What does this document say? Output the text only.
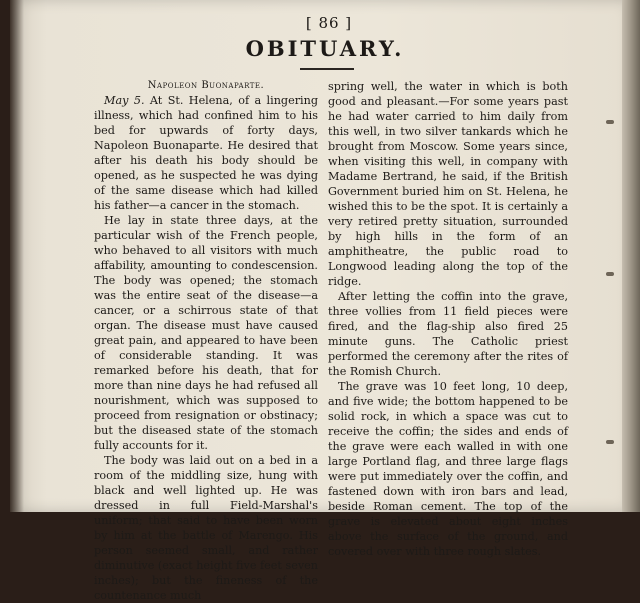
[ 86 ]
OBITUARY.
Napoleon Buonaparte.

May 5. At St. Helena, of a lingering illness, which had confined him to his bed for upwards of forty days, Napoleon Buonaparte. He desired that after his death his body should be opened, as he suspected he was dying of the same disease which had killed his father—a cancer in the stomach.

He lay in state three days, at the particular wish of the French people, who behaved to all visitors with much affability, amounting to condescension. The body was opened; the stomach was the entire seat of the disease—a cancer, or a schirrous state of that organ. The disease must have caused great pain, and appeared to have been of considerable standing. It was remarked before his death, that for more than nine days he had refused all nourishment, which was supposed to proceed from resignation or obstinacy; but the diseased state of the stomach fully accounts for it.

The body was laid out on a bed in a room of the middling size, hung with black and well lighted up. He was dressed in full Field-Marshal's uniform; that said to have been worn by him at the battle of Marengo. His person seemed small, and rather diminutive (exact height five feet seven inches); but the fineness of the countenance much

spring well, the water in which is both good and pleasant.—For some years past he had water carried to him daily from this well, in two silver tankards which he brought from Moscow. Some years since, when visiting this well, in company with Madame Bertrand, he said, if the British Government buried him on St. Helena, he wished this to be the spot. It is certainly a very retired pretty situation, surrounded by high hills in the form of an amphitheatre, the public road to Longwood leading along the top of the ridge.

After letting the coffin into the grave, three vollies from 11 field pieces were fired, and the flag-ship also fired 25 minute guns. The Catholic priest performed the ceremony after the rites of the Romish Church.

The grave was 10 feet long, 10 deep, and five wide; the bottom happened to be solid rock, in which a space was cut to receive the coffin; the sides and ends of the grave were each walled in with one large Portland flag, and three large flags were put immediately over the coffin, and fastened down with iron bars and lead, beside Roman cement. The top of the grave is elevated about eight inches above the surface of the ground, and covered over with three rough slates.
